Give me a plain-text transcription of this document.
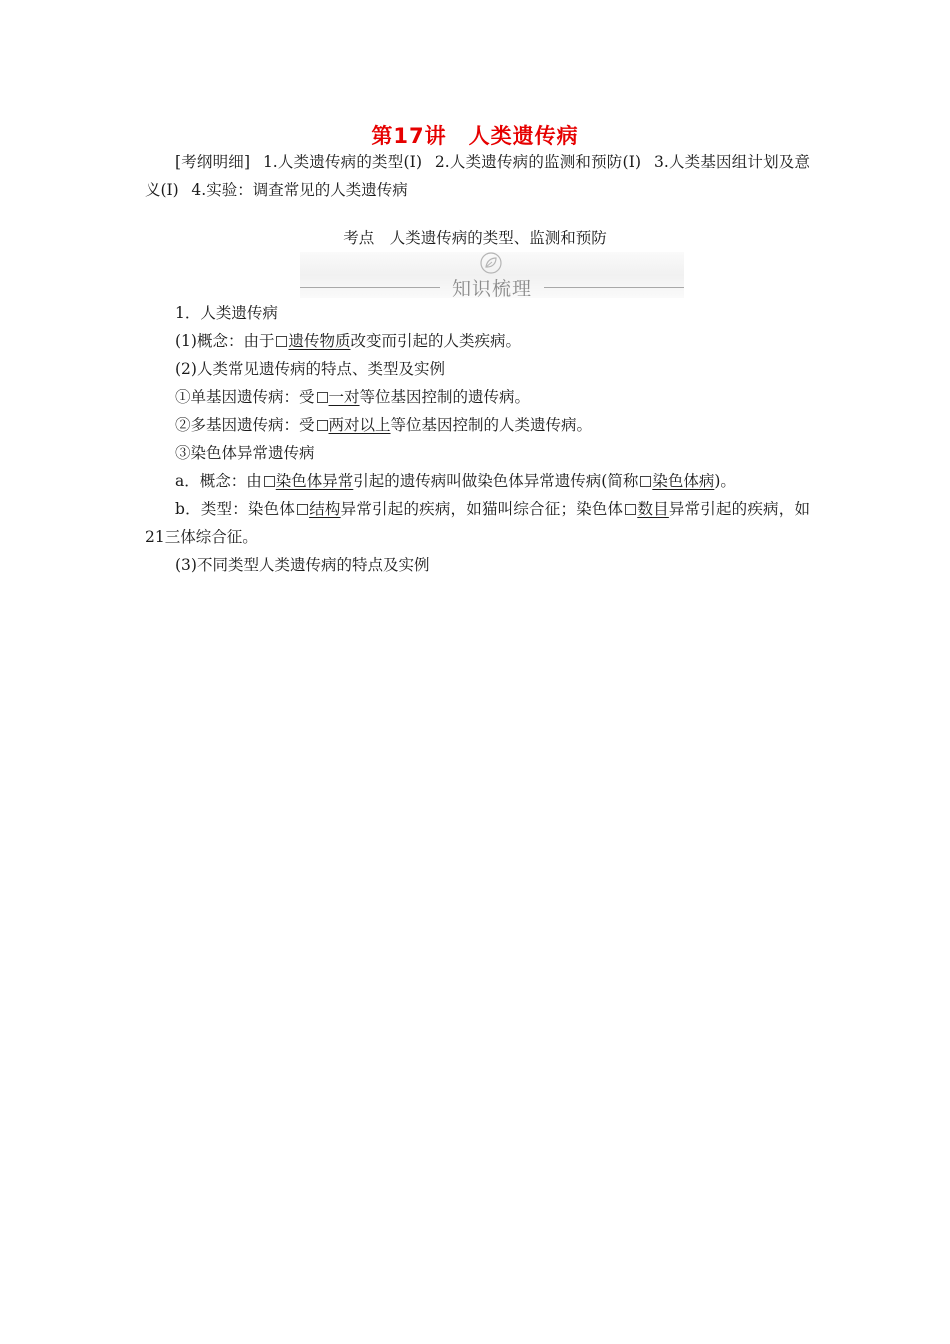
第17讲　人类遗传病
[考纲明细]  1.人类遗传病的类型(Ⅰ)  2.人类遗传病的监测和预防(Ⅰ)  3.人类基因组计划及意义(Ⅰ)  4.实验：调查常见的人类遗传病
考点　人类遗传病的类型、监测和预防
知识梳理
1．人类遗传病
(1)概念：由于 遗传物质改变而引起的人类疾病。
(2)人类常见遗传病的特点、类型及实例
①单基因遗传病：受 一对等位基因控制的遗传病。
②多基因遗传病：受 两对以上等位基因控制的人类遗传病。
③染色体异常遗传病
a．概念：由 染色体异常引起的遗传病叫做染色体异常遗传病(简称 染色体病)。
b．类型：染色体 结构异常引起的疾病，如猫叫综合征；染色体 数目异常引起的疾病，如21三体综合征。
(3)不同类型人类遗传病的特点及实例
